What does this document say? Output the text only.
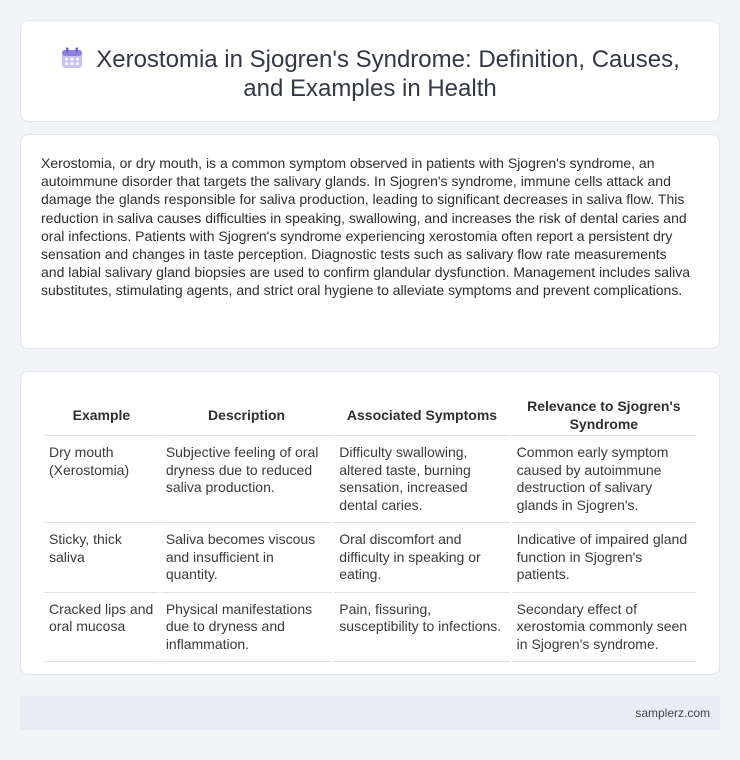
Xerostomia in Sjogren's Syndrome: Definition, Causes,
and Examples in Health

Xerostomia, or dry mouth, is a common symptom observed in patients with Sjogren's syndrome, an autoimmune disorder that targets the salivary glands. In Sjogren's syndrome, immune cells attack and damage the glands responsible for saliva production, leading to significant decreases in saliva flow. This reduction in saliva causes difficulties in speaking, swallowing, and increases the risk of dental caries and oral infections. Patients with Sjogren's syndrome experiencing xerostomia often report a persistent dry sensation and changes in taste perception. Diagnostic tests such as salivary flow rate measurements and labial salivary gland biopsies are used to confirm glandular dysfunction. Management includes saliva substitutes, stimulating agents, and strict oral hygiene to alleviate symptoms and prevent complications.

Example	Description	Associated Symptoms	Relevance to Sjogren's Syndrome
Dry mouth (Xerostomia)	Subjective feeling of oral dryness due to reduced saliva production.	Difficulty swallowing, altered taste, burning sensation, increased dental caries.	Common early symptom caused by autoimmune destruction of salivary glands in Sjogren's.
Sticky, thick saliva	Saliva becomes viscous and insufficient in quantity.	Oral discomfort and difficulty in speaking or eating.	Indicative of impaired gland function in Sjogren's patients.
Cracked lips and oral mucosa	Physical manifestations due to dryness and inflammation.	Pain, fissuring, susceptibility to infections.	Secondary effect of xerostomia commonly seen in Sjogren's syndrome.
samplerz.com
